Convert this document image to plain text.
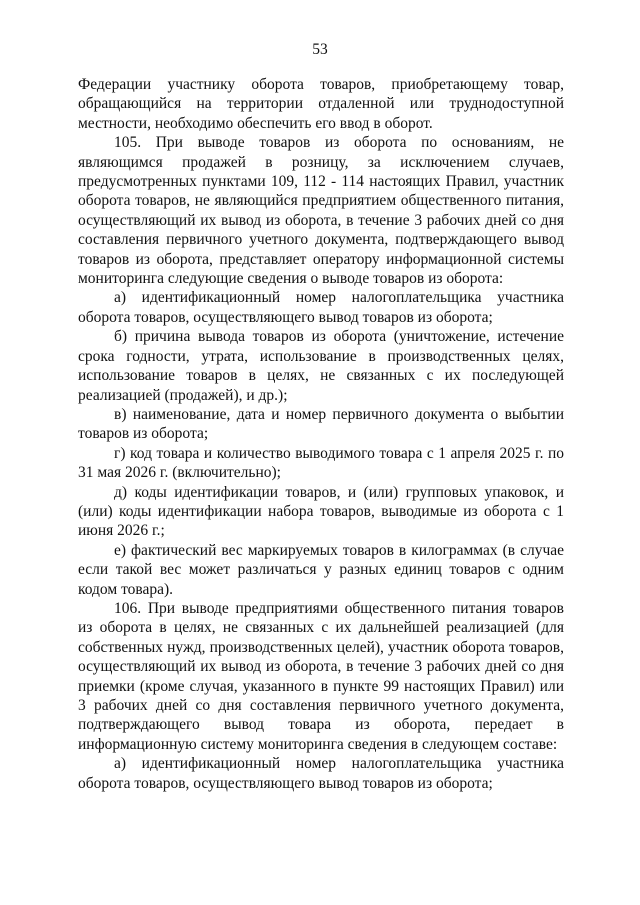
53

Федерации участнику оборота товаров, приобретающему товар, обращающийся на территории отдаленной или труднодоступной местности, необходимо обеспечить его ввод в оборот.

105. При выводе товаров из оборота по основаниям, не являющимся продажей в розницу, за исключением случаев, предусмотренных пунктами 109, 112 - 114 настоящих Правил, участник оборота товаров, не являющийся предприятием общественного питания, осуществляющий их вывод из оборота, в течение 3 рабочих дней со дня составления первичного учетного документа, подтверждающего вывод товаров из оборота, представляет оператору информационной системы мониторинга следующие сведения о выводе товаров из оборота:

а) идентификационный номер налогоплательщика участника оборота товаров, осуществляющего вывод товаров из оборота;

б) причина вывода товаров из оборота (уничтожение, истечение срока годности, утрата, использование в производственных целях, использование товаров в целях, не связанных с их последующей реализацией (продажей), и др.);

в) наименование, дата и номер первичного документа о выбытии товаров из оборота;

г) код товара и количество выводимого товара с 1 апреля 2025 г. по 31 мая 2026 г. (включительно);

д) коды идентификации товаров, и (или) групповых упаковок, и (или) коды идентификации набора товаров, выводимые из оборота с 1 июня 2026 г.;

е) фактический вес маркируемых товаров в килограммах (в случае если такой вес может различаться у разных единиц товаров с одним кодом товара).

106. При выводе предприятиями общественного питания товаров из оборота в целях, не связанных с их дальнейшей реализацией (для собственных нужд, производственных целей), участник оборота товаров, осуществляющий их вывод из оборота, в течение 3 рабочих дней со дня приемки (кроме случая, указанного в пункте 99 настоящих Правил) или 3 рабочих дней со дня составления первичного учетного документа, подтверждающего вывод товара из оборота, передает в информационную систему мониторинга сведения в следующем составе:

а) идентификационный номер налогоплательщика участника оборота товаров, осуществляющего вывод товаров из оборота;
